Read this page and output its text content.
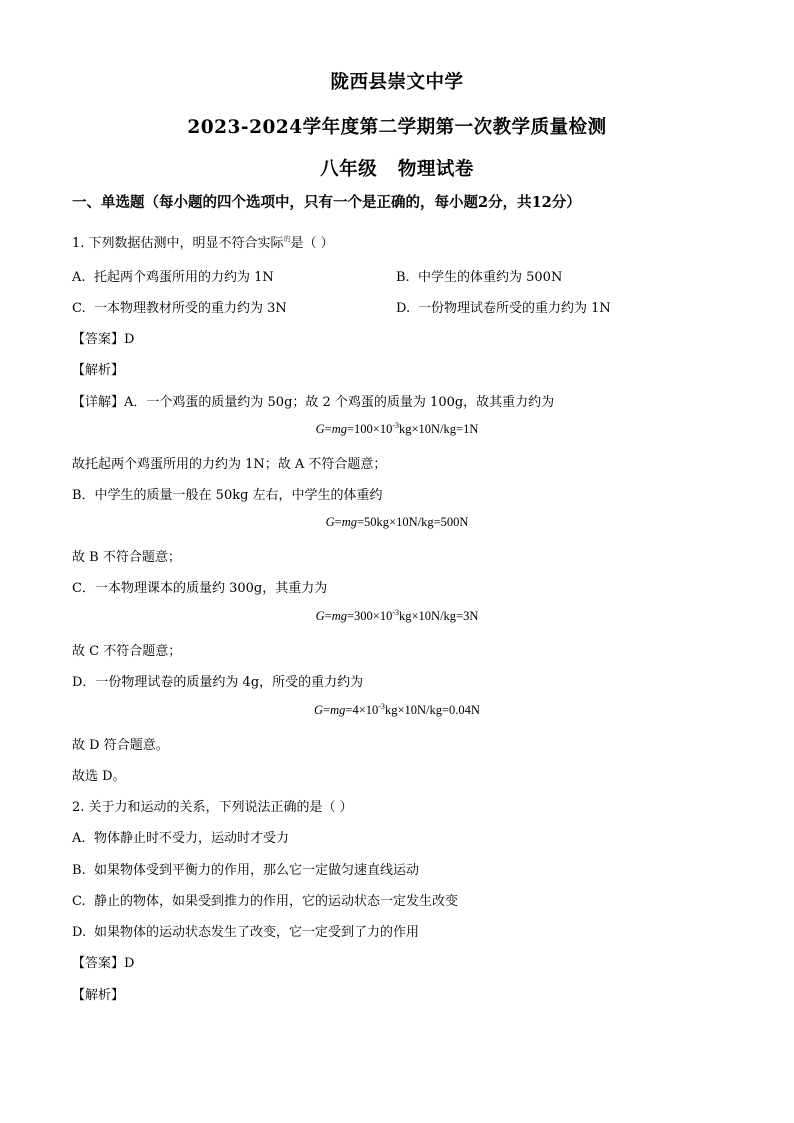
陇西县崇文中学
2023-2024学年度第二学期第一次教学质量检测
八年级   物理试卷
一、单选题（每小题的四个选项中，只有一个是正确的，每小题2分，共12分）
1. 下列数据估测中，明显不符合实际$^的$是（ ）
A. 托起两个鸡蛋所用的力约为 1N	B. 中学生的体重约为 500N
C. 一本物理教材所受的重力约为 3N	D. 一份物理试卷所受的重力约为 1N
【答案】D
【解析】
【详解】A．一个鸡蛋的质量约为 50g；故 2 个鸡蛋的质量为 100g，故其重力约为
$G=mg=100\times 10^{-3}kg\times 10N/kg=1N$
故托起两个鸡蛋所用的力约为 1N；故 A 不符合题意；
B．中学生的质量一般在 50kg 左右，中学生的体重约
G=mg=50kg×10N/kg=500N
故 B 不符合题意；
C．一本物理课本的质量约 300g，其重力为
$G=mg=300\times 10^{-3}kg\times 10N/kg=3N$
故 C 不符合题意；
D．一份物理试卷的质量约为 4g，所受的重力约为
$G=mg=4\times 10^{-3}kg\times 10N/kg=0.04N$
故 D 符合题意。
故选 D。
2. 关于力和运动的关系，下列说法正确的是（ ）
A. 物体静止时不受力，运动时才受力
B. 如果物体受到平衡力的作用，那么它一定做匀速直线运动
C. 静止的物体，如果受到推力的作用，它的运动状态一定发生改变
D. 如果物体的运动状态发生了改变，它一定受到了力的作用
【答案】D
【解析】
